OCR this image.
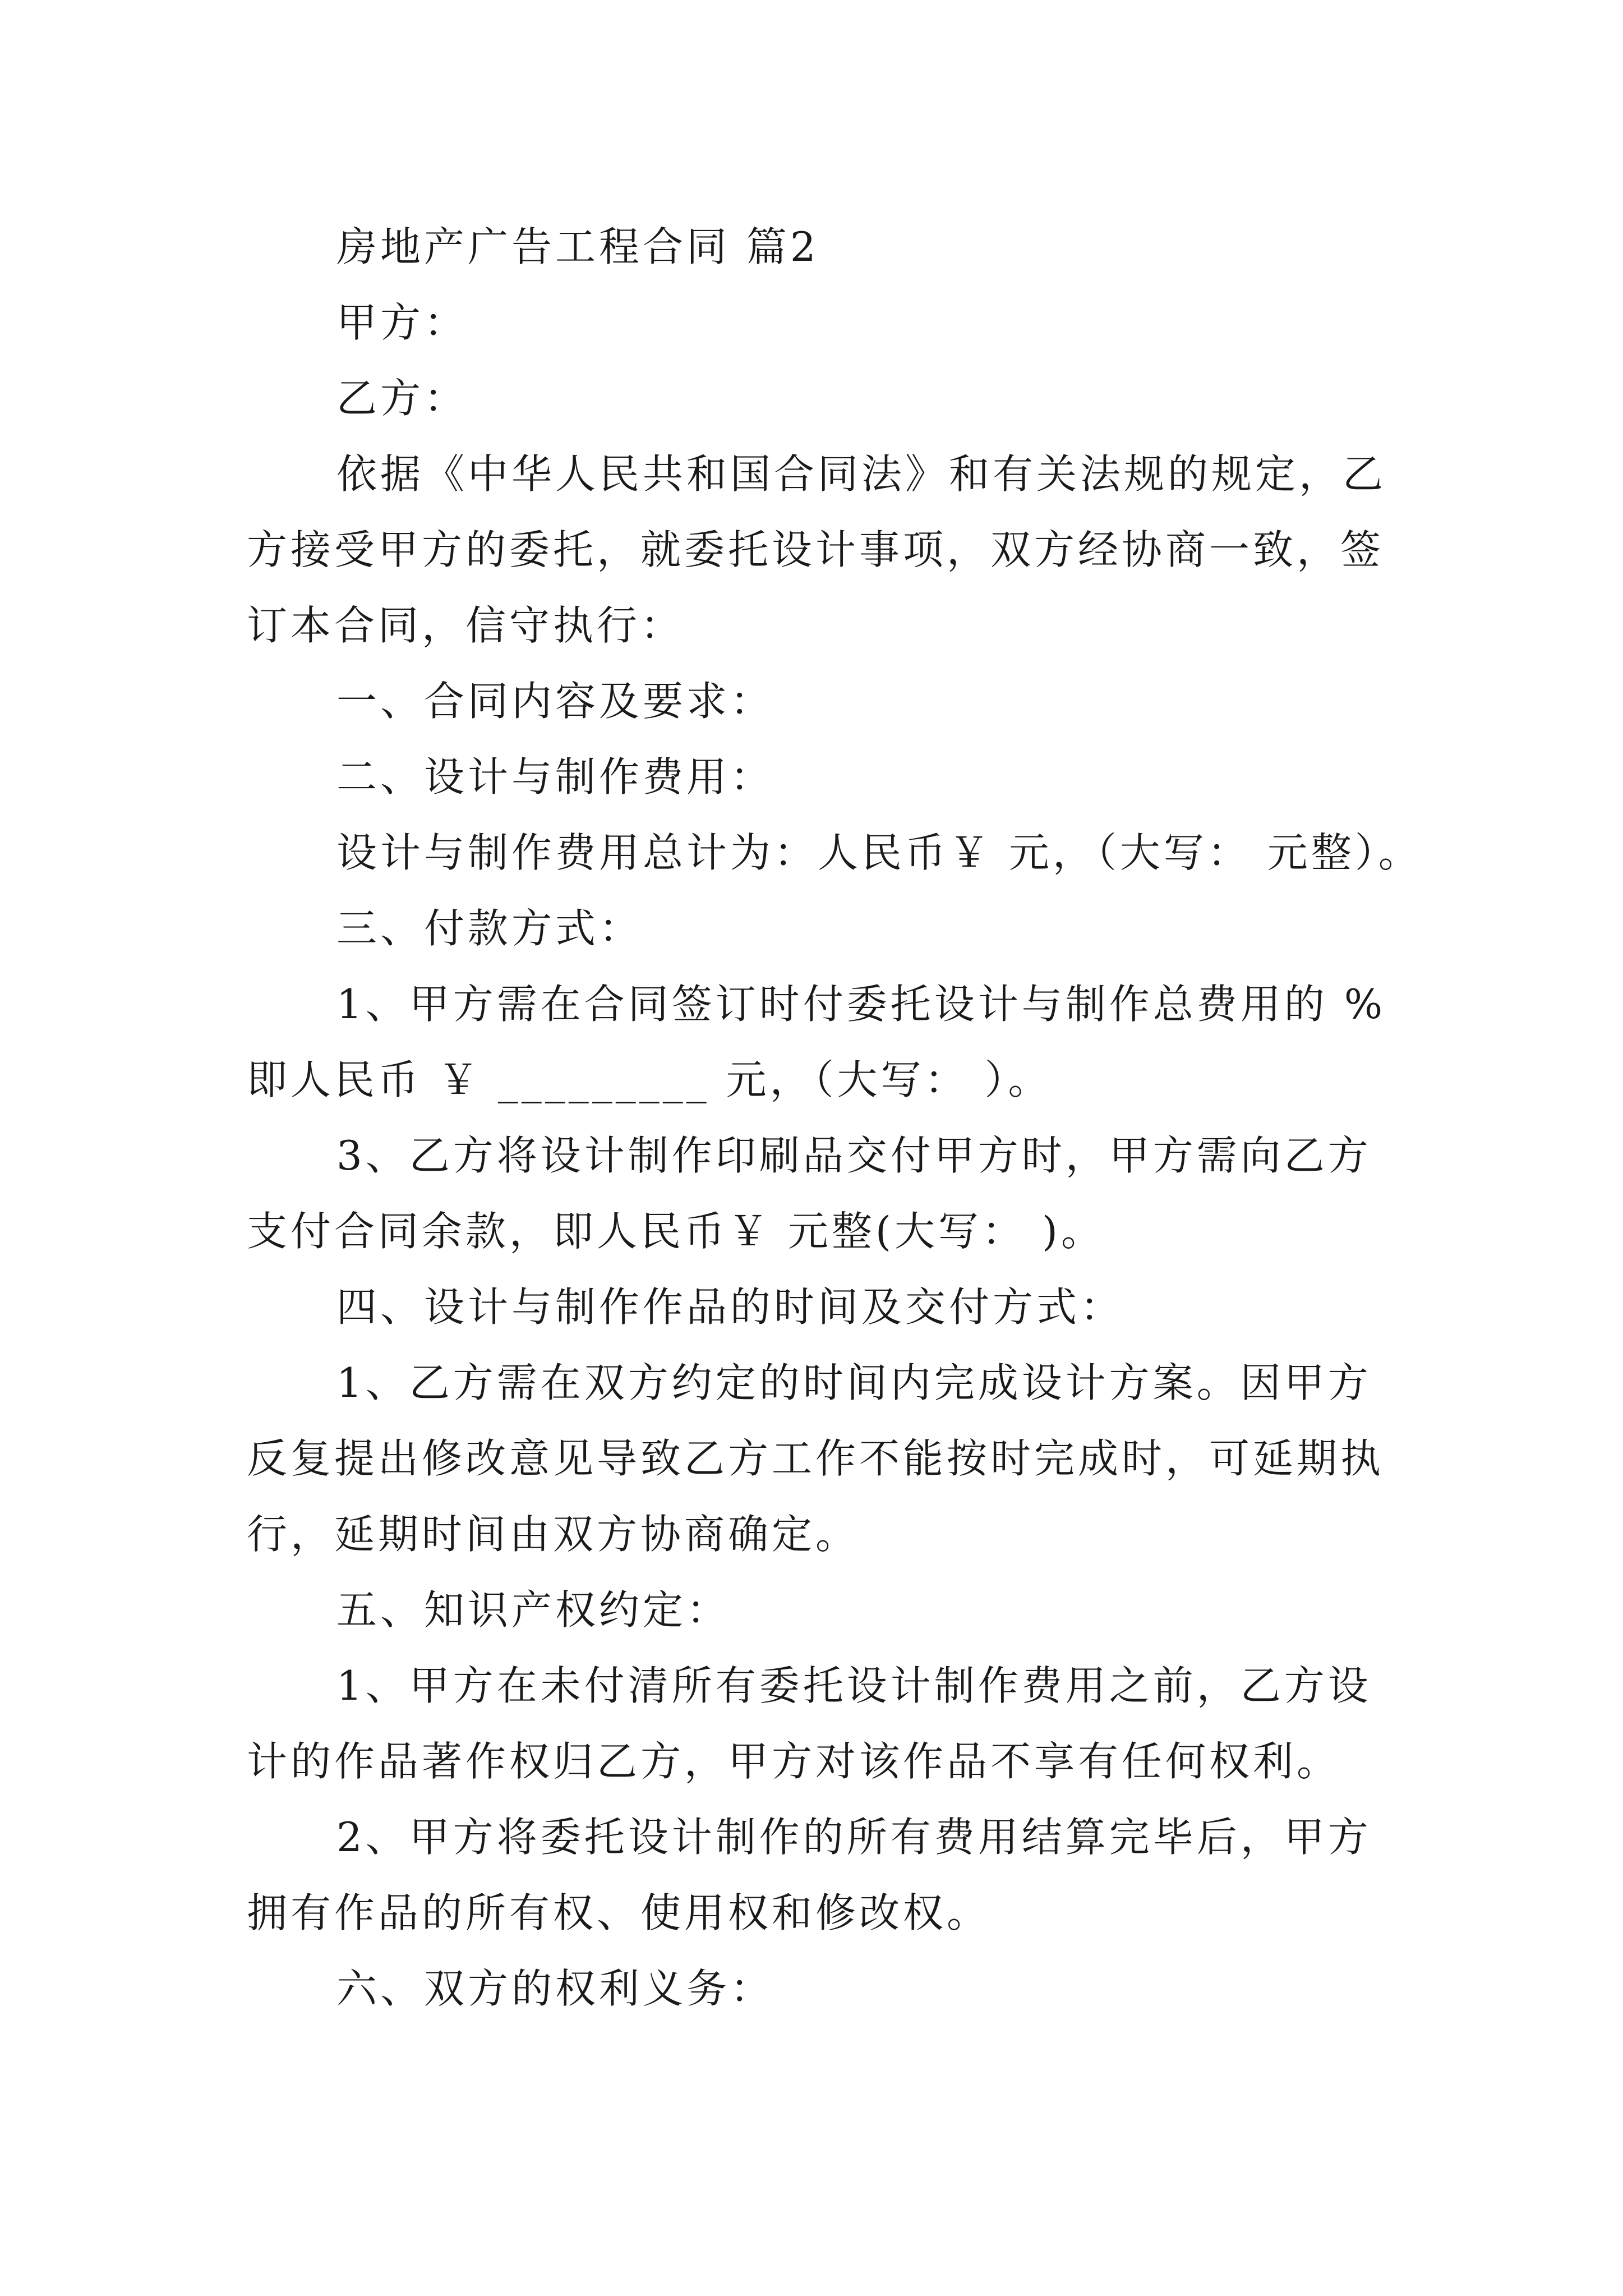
房地产广告工程合同 篇2
甲方：
乙方：
依据《中华人民共和国合同法》和有关法规的规定，乙
方接受甲方的委托，就委托设计事项，双方经协商一致，签
订本合同，信守执行：
一、合同内容及要求：
二、设计与制作费用：
设计与制作费用总计为：人民币￥ 元，（大写： 元整）。
三、付款方式：
1、甲方需在合同签订时付委托设计与制作总费用的 %
即人民币 ￥ _________ 元，（大写： ）。
3、乙方将设计制作印刷品交付甲方时，甲方需向乙方
支付合同余款，即人民币￥ 元整(大写： )。
四、设计与制作作品的时间及交付方式：
1、乙方需在双方约定的时间内完成设计方案。因甲方
反复提出修改意见导致乙方工作不能按时完成时，可延期执
行，延期时间由双方协商确定。
五、知识产权约定：
1、甲方在未付清所有委托设计制作费用之前，乙方设
计的作品著作权归乙方，甲方对该作品不享有任何权利。
2、甲方将委托设计制作的所有费用结算完毕后，甲方
拥有作品的所有权、使用权和修改权。
六、双方的权利义务：
